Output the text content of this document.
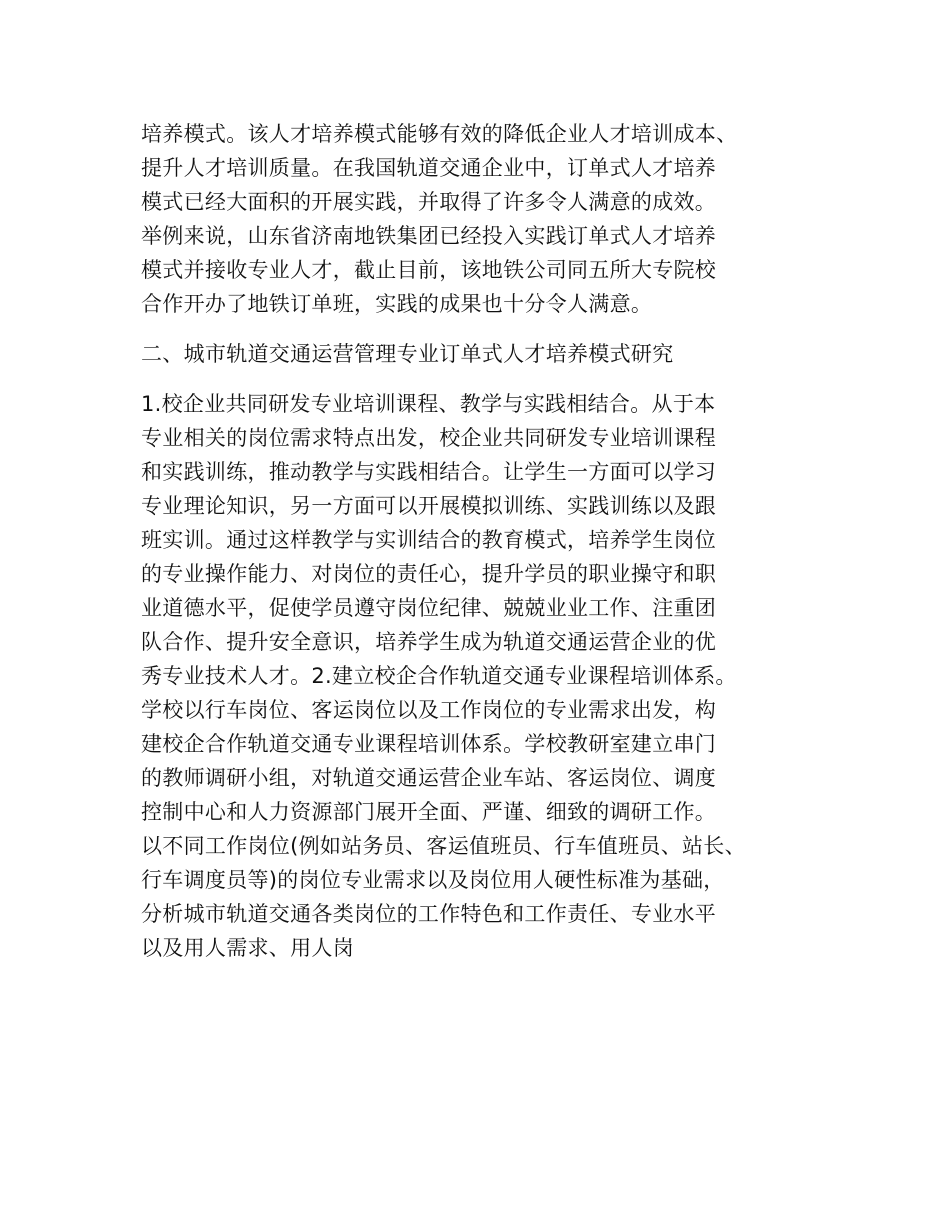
培养模式。该人才培养模式能够有效的降低企业人才培训成本、
提升人才培训质量。在我国轨道交通企业中，订单式人才培养
模式已经大面积的开展实践，并取得了许多令人满意的成效。
举例来说，山东省济南地铁集团已经投入实践订单式人才培养
模式并接收专业人才，截止目前，该地铁公司同五所大专院校
合作开办了地铁订单班，实践的成果也十分令人满意。

二、城市轨道交通运营管理专业订单式人才培养模式研究

1.校企业共同研发专业培训课程、教学与实践相结合。从于本
专业相关的岗位需求特点出发，校企业共同研发专业培训课程
和实践训练，推动教学与实践相结合。让学生一方面可以学习
专业理论知识，另一方面可以开展模拟训练、实践训练以及跟
班实训。通过这样教学与实训结合的教育模式，培养学生岗位
的专业操作能力、对岗位的责任心，提升学员的职业操守和职
业道德水平，促使学员遵守岗位纪律、兢兢业业工作、注重团
队合作、提升安全意识，培养学生成为轨道交通运营企业的优
秀专业技术人才。2.建立校企合作轨道交通专业课程培训体系。
学校以行车岗位、客运岗位以及工作岗位的专业需求出发，构
建校企合作轨道交通专业课程培训体系。学校教研室建立串门
的教师调研小组，对轨道交通运营企业车站、客运岗位、调度
控制中心和人力资源部门展开全面、严谨、细致的调研工作。
以不同工作岗位(例如站务员、客运值班员、行车值班员、站长、
行车调度员等)的岗位专业需求以及岗位用人硬性标准为基础，
分析城市轨道交通各类岗位的工作特色和工作责任、专业水平
以及用人需求、用人岗
